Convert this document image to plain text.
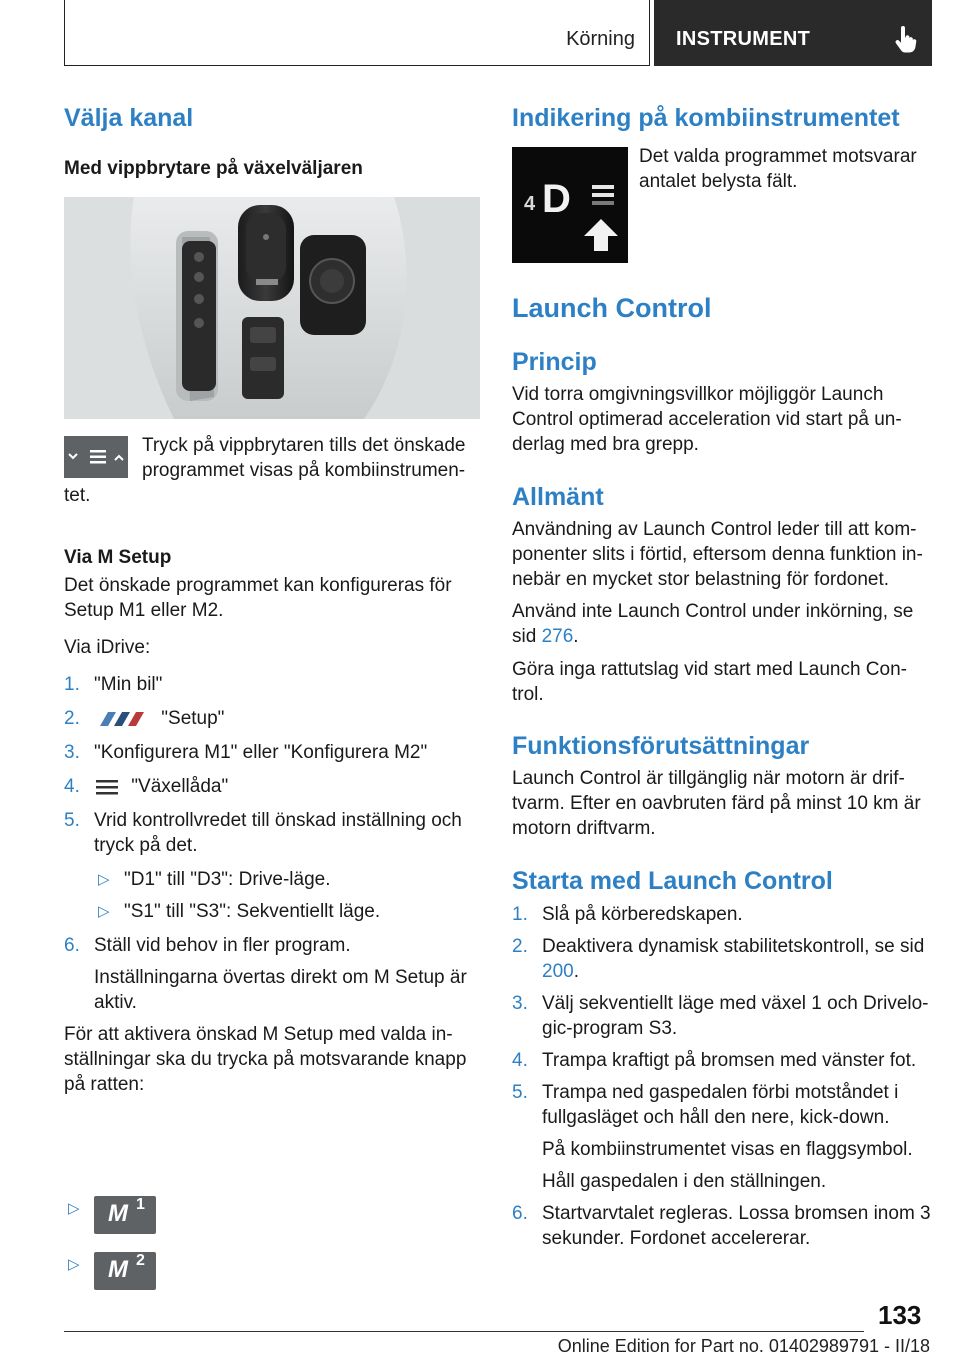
Körning INSTRUMENT
Välja kanal
Med vippbrytare på växelväljaren
Tryck på vippbrytaren tills det önskade
programmet visas på kombiinstrumen-
tet.
Via M Setup

Det önskade programmet kan konfigureras för Setup M1 eller M2.

Via iDrive:

1. "Min bil"
2.	"Setup"
3. "Konfigurera M1" eller "Konfigurera M2"
4.	"Växellåda"
5. Vrid kontrollvredet till önskad inställning och tryck på det.
▷ "D1" till "D3": Drive-läge.
▷ "S1" till "S3": Sekventiellt läge.
6. Ställ vid behov in fler program.

Inställningarna övertas direkt om M Setup är aktiv.

För att aktivera önskad M Setup med valda in-ställningar ska du trycka på motsvarande knapp på ratten:

▷ M 1
▷ M 2
Indikering på kombiinstrumentet
4 D
Det valda programmet motsvarar
antalet belysta fält.
Launch Control
Princip

Vid torra omgivningsvillkor möjliggör Launch Control optimerad acceleration vid start på un-derlag med bra grepp.

Allmänt

Användning av Launch Control leder till att kom-ponenter slits i förtid, eftersom denna funktion in-nebär en mycket stor belastning för fordonet.

Använd inte Launch Control under inkörning, se sid 276.

Göra inga rattutslag vid start med Launch Con-trol.

Funktionsförutsättningar

Launch Control är tillgänglig när motorn är drif-tvarm. Efter en oavbruten färd på minst 10 km är motorn driftvarm.

Starta med Launch Control
1. Slå på körberedskapen.
2. Deaktivera dynamisk stabilitetskontroll, se sid 200.
3. Välj sekventiellt läge med växel 1 och Drivelo-gic-program S3.
4. Trampa kraftigt på bromsen med vänster fot.
5. Trampa ned gaspedalen förbi motståndet i fullgasläget och håll den nere, kick-down.

På kombiinstrumentet visas en flaggsymbol.

Håll gaspedalen i den ställningen.

6. Startvarvtalet regleras. Lossa bromsen inom 3 sekunder. Fordonet accelererar.
133
Online Edition for Part no. 01402989791 - II/18
